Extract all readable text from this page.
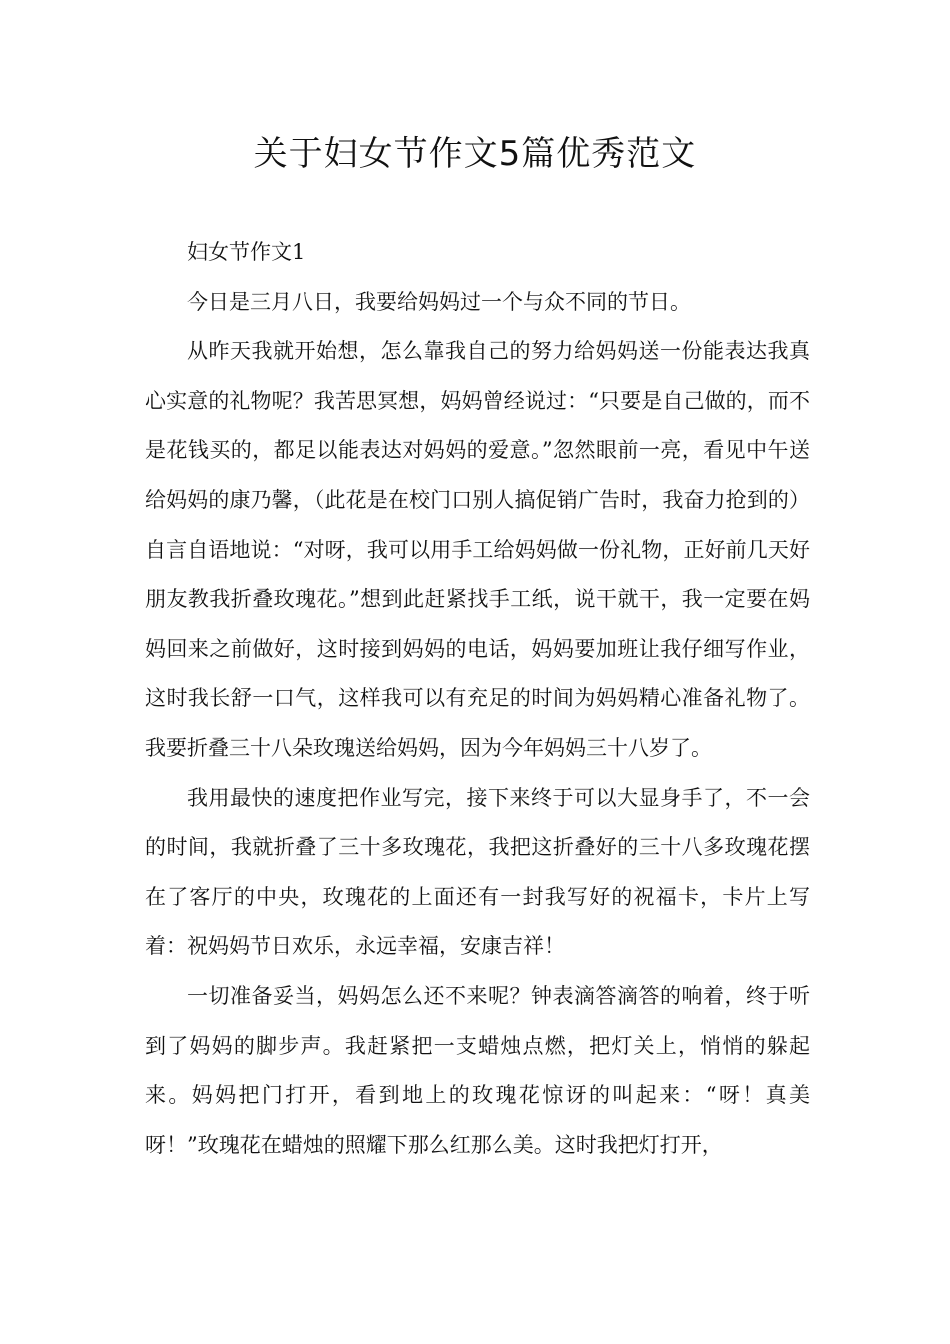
关于妇女节作文5篇优秀范文

妇女节作文1

今日是三月八日，我要给妈妈过一个与众不同的节日。

从昨天我就开始想，怎么靠我自己的努力给妈妈送一份能表达我真心实意的礼物呢？我苦思冥想，妈妈曾经说过：“只要是自己做的，而不是花钱买的，都足以能表达对妈妈的爱意。”忽然眼前一亮，看见中午送给妈妈的康乃馨，（此花是在校门口别人搞促销广告时，我奋力抢到的）自言自语地说：“对呀，我可以用手工给妈妈做一份礼物，正好前几天好朋友教我折叠玫瑰花。”想到此赶紧找手工纸，说干就干，我一定要在妈妈回来之前做好，这时接到妈妈的电话，妈妈要加班让我仔细写作业，这时我长舒一口气，这样我可以有充足的时间为妈妈精心准备礼物了。我要折叠三十八朵玫瑰送给妈妈，因为今年妈妈三十八岁了。

我用最快的速度把作业写完，接下来终于可以大显身手了，不一会的时间，我就折叠了三十多玫瑰花，我把这折叠好的三十八多玫瑰花摆在了客厅的中央，玫瑰花的上面还有一封我写好的祝福卡，卡片上写着：祝妈妈节日欢乐，永远幸福，安康吉祥！

一切准备妥当，妈妈怎么还不来呢？钟表滴答滴答的响着，终于听到了妈妈的脚步声。我赶紧把一支蜡烛点燃，把灯关上，悄悄的躲起来。妈妈把门打开，看到地上的玫瑰花惊讶的叫起来：“呀！真美呀！”玫瑰花在蜡烛的照耀下那么红那么美。这时我把灯打开，
